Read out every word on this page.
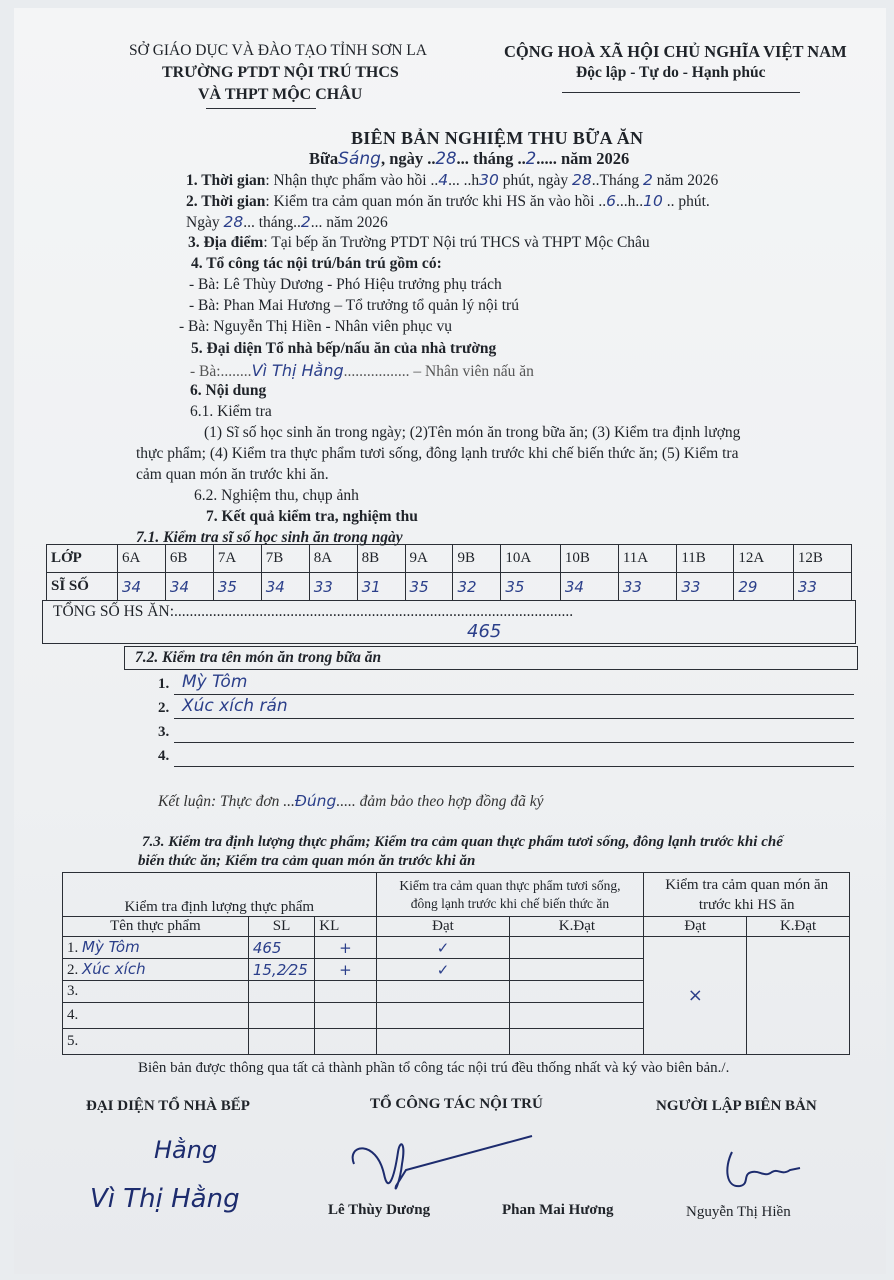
SỞ GIÁO DỤC VÀ ĐÀO TẠO TỈNH SƠN LA
TRƯỜNG PTDT NỘI TRÚ THCS
VÀ THPT MỘC CHÂU
CỘNG HOÀ XÃ HỘI CHỦ NGHĨA VIỆT NAM
Độc lập - Tự do - Hạnh phúc
BIÊN BẢN NGHIỆM THU BỮA ĂN
BữaSáng, ngày ..28... tháng ..2..... năm 2026
1. Thời gian: Nhận thực phẩm vào hồi ..4... ..h30 phút, ngày 28..Tháng 2 năm 2026
2. Thời gian: Kiểm tra cảm quan món ăn trước khi HS ăn vào hồi ..6...h..10 .. phút.
Ngày 28... tháng..2... năm 2026
3. Địa điểm: Tại bếp ăn Trường PTDT Nội trú THCS và THPT Mộc Châu
4. Tổ công tác nội trú/bán trú gồm có:
- Bà: Lê Thùy Dương - Phó Hiệu trưởng phụ trách
- Bà: Phan Mai Hương – Tổ trưởng tổ quản lý nội trú
- Bà: Nguyễn Thị Hiền - Nhân viên phục vụ
5. Đại diện Tổ nhà bếp/nấu ăn của nhà trường
- Bà:........Vì Thị Hằng................. – Nhân viên nấu ăn
6. Nội dung
6.1. Kiểm tra
(1) Sĩ số học sinh ăn trong ngày; (2)Tên món ăn trong bữa ăn; (3) Kiểm tra định lượng
thực phẩm; (4) Kiểm tra thực phẩm tươi sống, đông lạnh trước khi chế biến thức ăn; (5) Kiểm tra
cảm quan món ăn trước khi ăn.
6.2. Nghiệm thu, chụp ảnh
7. Kết quả kiểm tra, nghiệm thu
7.1. Kiểm tra sĩ số học sinh ăn trong ngày
LỚP	6A	6B	7A	7B	8A	8B	9A	9B	10A	10B	11A	11B	12A	12B
SĨ SỐ	34	34	35	34	33	31	35	32	35	34	33	33	29	33
TỔNG SỐ HS ĂN:.......................................................................................................
465
7.2. Kiểm tra tên món ăn trong bữa ăn
1. Mỳ Tôm
2. Xúc xích rán
3.
4.
Kết luận: Thực đơn ...Đúng..... đảm bảo theo hợp đồng đã ký
7.3. Kiểm tra định lượng thực phẩm; Kiểm tra cảm quan thực phẩm tươi sống, đông lạnh trước khi chế
biến thức ăn; Kiểm tra cảm quan món ăn trước khi ăn
Kiểm tra định lượng thực phẩm			Kiểm tra cảm quan thực phẩm tươi sống,
đông lạnh trước khi chế biến thức ăn		Kiểm tra cảm quan món ăn
trước khi HS ăn	
Tên thực phẩm	SL	KL	Đạt	K.Đạt	Đạt	K.Đạt
1. Mỳ Tôm	465	+	✓		×	
2. Xúc xích	15,2⁄25	+	✓			
3.						
4.						
5.						
Biên bản được thông qua tất cả thành phần tổ công tác nội trú đều thống nhất và ký vào biên bản./.
ĐẠI DIỆN TỔ NHÀ BẾP	TỔ CÔNG TÁC NỘI TRÚ	NGƯỜI LẬP BIÊN BẢN
Hằng
Vì Thị Hằng	Lê Thùy Dương	Phan Mai Hương	Nguyễn Thị Hiền
